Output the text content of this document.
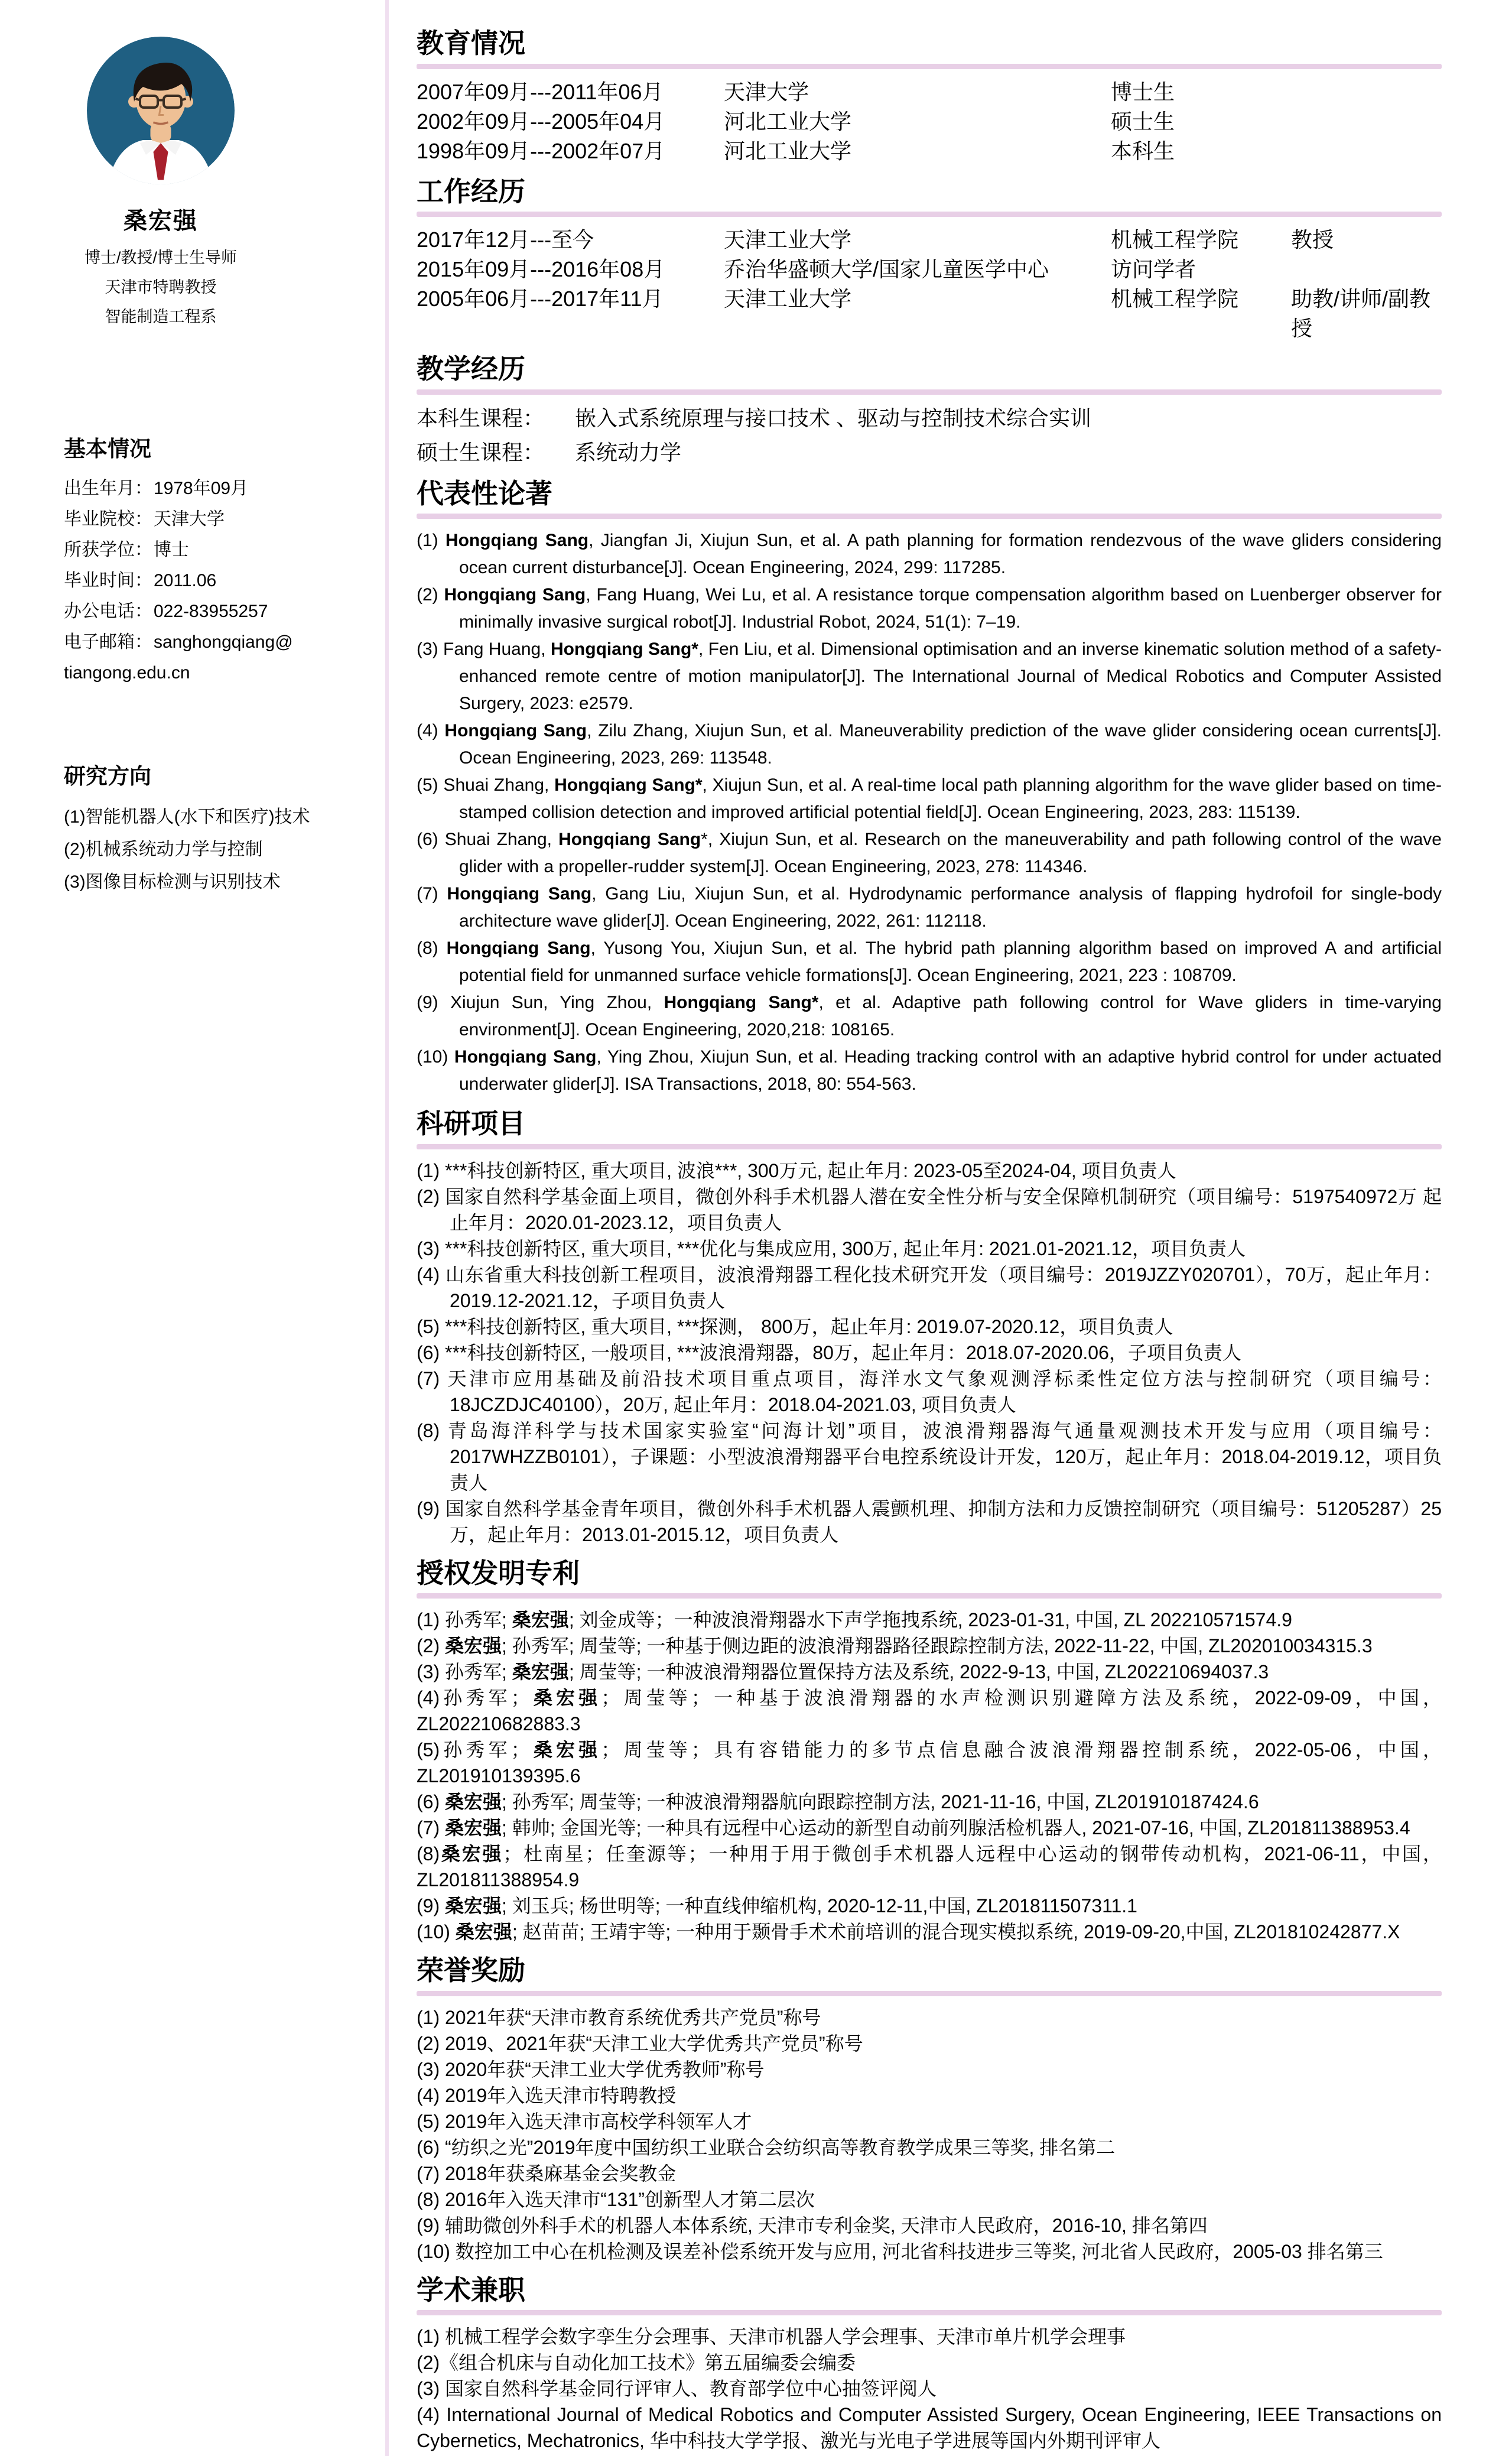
桑宏强
博士/教授/博士生导师
天津市特聘教授
智能制造工程系
基本情况
出生年月：1978年09月
毕业院校：天津大学
所获学位：博士
毕业时间：2011.06
办公电话：022-83955257
电子邮箱：sanghongqiang@
tiangong.edu.cn
研究方向
(1)智能机器人(水下和医疗)技术
(2)机械系统动力学与控制
(3)图像目标检测与识别技术
教育情况
2007年09月---2011年06月	天津大学	博士生
2002年09月---2005年04月	河北工业大学	硕士生
1998年09月---2002年07月	河北工业大学	本科生
工作经历
2017年12月---至今	天津工业大学	机械工程学院	教授
2015年09月---2016年08月	乔治华盛顿大学/国家儿童医学中心	访问学者
2005年06月---2017年11月	天津工业大学	机械工程学院	助教/讲师/副教授
教学经历
本科生课程：	嵌入式系统原理与接口技术 、驱动与控制技术综合实训
硕士生课程：	系统动力学
代表性论著
(1) Hongqiang Sang, Jiangfan Ji, Xiujun Sun, et al. A path planning for formation rendezvous of the wave gliders considering ocean current disturbance[J]. Ocean Engineering, 2024, 299: 117285.
(2) Hongqiang Sang, Fang Huang, Wei Lu, et al. A resistance torque compensation algorithm based on Luenberger observer for minimally invasive surgical robot[J]. Industrial Robot, 2024, 51(1): 7–19.
(3) Fang Huang, Hongqiang Sang*, Fen Liu, et al. Dimensional optimisation and an inverse kinematic solution method of a safety-enhanced remote centre of motion manipulator[J]. The International Journal of Medical Robotics and Computer Assisted Surgery, 2023: e2579.
(4) Hongqiang Sang, Zilu Zhang, Xiujun Sun, et al. Maneuverability prediction of the wave glider considering ocean currents[J]. Ocean Engineering, 2023, 269: 113548.
(5) Shuai Zhang, Hongqiang Sang*, Xiujun Sun, et al. A real-time local path planning algorithm for the wave glider based on time-stamped collision detection and improved artificial potential field[J]. Ocean Engineering, 2023, 283: 115139.
(6) Shuai Zhang, Hongqiang Sang*, Xiujun Sun, et al. Research on the maneuverability and path following control of the wave glider with a propeller-rudder system[J]. Ocean Engineering, 2023, 278: 114346.
(7) Hongqiang Sang, Gang Liu, Xiujun Sun, et al. Hydrodynamic performance analysis of flapping hydrofoil for single-body architecture wave glider[J]. Ocean Engineering, 2022, 261: 112118.
(8) Hongqiang Sang, Yusong You, Xiujun Sun, et al. The hybrid path planning algorithm based on improved A and artificial potential field for unmanned surface vehicle formations[J]. Ocean Engineering, 2021, 223 : 108709.
(9) Xiujun Sun, Ying Zhou, Hongqiang Sang*, et al. Adaptive path following control for Wave gliders in time-varying environment[J]. Ocean Engineering, 2020,218: 108165.
(10) Hongqiang Sang, Ying Zhou, Xiujun Sun, et al. Heading tracking control with an adaptive hybrid control for under actuated underwater glider[J]. ISA Transactions, 2018, 80: 554-563.
科研项目
(1) ***科技创新特区, 重大项目, 波浪***, 300万元, 起止年月: 2023-05至2024-04, 项目负责人
(2) 国家自然科学基金面上项目，微创外科手术机器人潜在安全性分析与安全保障机制研究（项目编号：5197540972万 起止年月：2020.01-2023.12，项目负责人
(3) ***科技创新特区, 重大项目, ***优化与集成应用, 300万, 起止年月: 2021.01-2021.12，项目负责人
(4) 山东省重大科技创新工程项目，波浪滑翔器工程化技术研究开发（项目编号：2019JZZY020701），70万，起止年月：2019.12-2021.12，子项目负责人
(5) ***科技创新特区, 重大项目, ***探测， 800万，起止年月: 2019.07-2020.12，项目负责人
(6) ***科技创新特区, 一般项目, ***波浪滑翔器，80万，起止年月：2018.07-2020.06，子项目负责人
(7) 天津市应用基础及前沿技术项目重点项目，海洋水文气象观测浮标柔性定位方法与控制研究（项目编号：18JCZDJC40100），20万, 起止年月：2018.04-2021.03, 项目负责人
(8) 青岛海洋科学与技术国家实验室“问海计划”项目，波浪滑翔器海气通量观测技术开发与应用（项目编号：2017WHZZB0101），子课题：小型波浪滑翔器平台电控系统设计开发，120万，起止年月：2018.04-2019.12，项目负责人
(9) 国家自然科学基金青年项目，微创外科手术机器人震颤机理、抑制方法和力反馈控制研究（项目编号：51205287）25万，起止年月：2013.01-2015.12，项目负责人
授权发明专利
(1) 孙秀军; 桑宏强; 刘金成等；一种波浪滑翔器水下声学拖拽系统, 2023-01-31, 中国, ZL 202210571574.9
(2) 桑宏强; 孙秀军; 周莹等; 一种基于侧边距的波浪滑翔器路径跟踪控制方法, 2022-11-22, 中国, ZL202010034315.3
(3) 孙秀军; 桑宏强; 周莹等; 一种波浪滑翔器位置保持方法及系统, 2022-9-13, 中国, ZL202210694037.3
(4)孙秀军；桑宏强；周莹等；一种基于波浪滑翔器的水声检测识别避障方法及系统，2022-09-09，中国，ZL202210682883.3
(5)孙秀军；桑宏强；周莹等；具有容错能力的多节点信息融合波浪滑翔器控制系统，2022-05-06，中国，ZL201910139395.6
(6) 桑宏强; 孙秀军; 周莹等; 一种波浪滑翔器航向跟踪控制方法, 2021-11-16, 中国, ZL201910187424.6
(7) 桑宏强; 韩帅; 金国光等; 一种具有远程中心运动的新型自动前列腺活检机器人, 2021-07-16, 中国, ZL201811388953.4
(8)桑宏强；杜南星；任奎源等；一种用于用于微创手术机器人远程中心运动的钢带传动机构，2021-06-11，中国，ZL201811388954.9
(9) 桑宏强; 刘玉兵; 杨世明等; 一种直线伸缩机构, 2020-12-11,中国, ZL201811507311.1
(10) 桑宏强; 赵苗苗; 王靖宇等; 一种用于颞骨手术术前培训的混合现实模拟系统, 2019-09-20,中国, ZL201810242877.X
荣誉奖励
(1) 2021年获“天津市教育系统优秀共产党员”称号
(2) 2019、2021年获“天津工业大学优秀共产党员”称号
(3) 2020年获“天津工业大学优秀教师”称号
(4) 2019年入选天津市特聘教授
(5) 2019年入选天津市高校学科领军人才
(6) “纺织之光”2019年度中国纺织工业联合会纺织高等教育教学成果三等奖, 排名第二
(7) 2018年获桑麻基金会奖教金
(8) 2016年入选天津市“131”创新型人才第二层次
(9) 辅助微创外科手术的机器人本体系统, 天津市专利金奖, 天津市人民政府，2016-10, 排名第四
(10) 数控加工中心在机检测及误差补偿系统开发与应用, 河北省科技进步三等奖, 河北省人民政府，2005-03 排名第三
学术兼职
(1) 机械工程学会数字孪生分会理事、天津市机器人学会理事、天津市单片机学会理事
(2)《组合机床与自动化加工技术》第五届编委会编委
(3) 国家自然科学基金同行评审人、教育部学位中心抽签评阅人
(4) International Journal of Medical Robotics and Computer Assisted Surgery, Ocean Engineering, IEEE Transactions on Cybernetics, Mechatronics, 华中科技大学学报、激光与光电子学进展等国内外期刊评审人
